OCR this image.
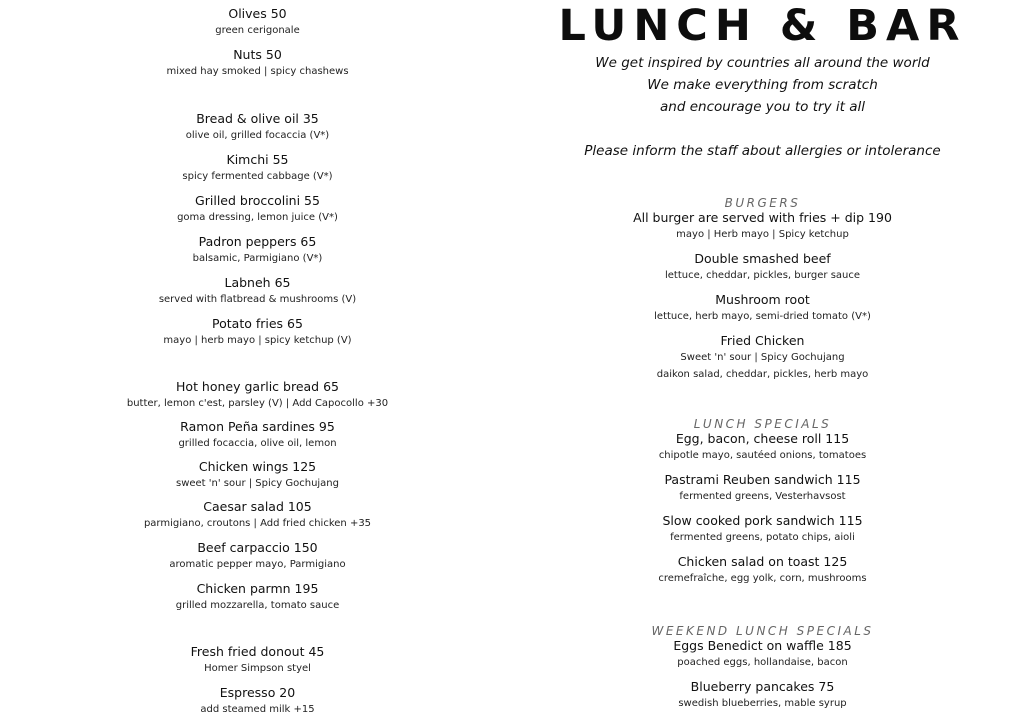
Olives 50
green cerigonale
Nuts 50
mixed hay smoked | spicy chashews
Bread & olive oil 35
olive oil, grilled focaccia (V*)
Kimchi 55
spicy fermented cabbage (V*)
Grilled broccolini 55
goma dressing, lemon juice (V*)
Padron peppers 65
balsamic, Parmigiano (V*)
Labneh 65
served with flatbread & mushrooms (V)
Potato fries 65
mayo | herb mayo | spicy ketchup (V)
Hot honey garlic bread 65
butter, lemon c'est, parsley (V) | Add Capocollo +30
Ramon Peña sardines 95
grilled focaccia, olive oil, lemon
Chicken wings 125
sweet 'n' sour | Spicy Gochujang
Caesar salad 105
parmigiano, croutons | Add fried chicken +35
Beef carpaccio 150
aromatic pepper mayo, Parmigiano
Chicken parmn 195
grilled mozzarella, tomato sauce
Fresh fried donout 45
Homer Simpson styel
Espresso 20
add steamed milk +15
LUNCH & BAR
We get inspired by countries all around the world
We make everything from scratch
and encourage you to try it all
Please inform the staff about allergies or intolerance
BURGERS
All burger are served with fries + dip 190
mayo | Herb mayo | Spicy ketchup
Double smashed beef
lettuce, cheddar, pickles, burger sauce
Mushroom root
lettuce, herb mayo, semi-dried tomato (V*)
Fried Chicken
Sweet 'n' sour | Spicy Gochujang
daikon salad, cheddar, pickles, herb mayo
LUNCH SPECIALS
Egg, bacon, cheese roll 115
chipotle mayo, sautéed onions, tomatoes
Pastrami Reuben sandwich 115
fermented greens, Vesterhavsost
Slow cooked pork sandwich 115
fermented greens, potato chips, aioli
Chicken salad on toast 125
cremefraîche, egg yolk, corn, mushrooms
WEEKEND LUNCH SPECIALS
Eggs Benedict on waffle 185
poached eggs, hollandaise, bacon
Blueberry pancakes 75
swedish blueberries, mable syrup
